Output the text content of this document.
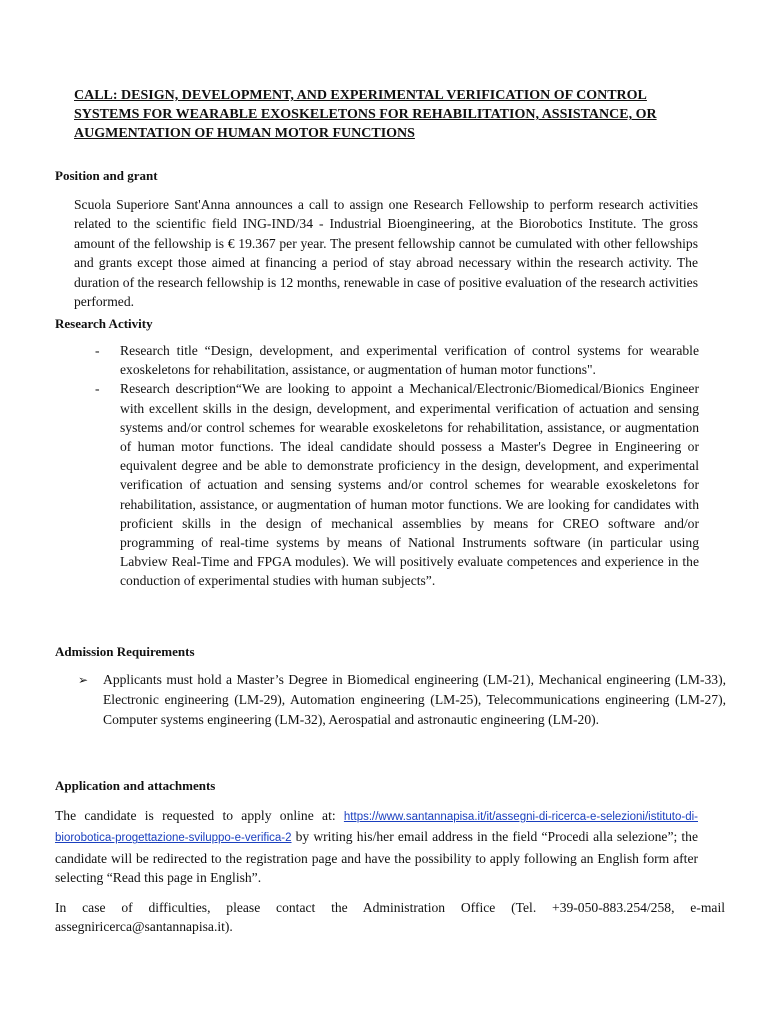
CALL: DESIGN, DEVELOPMENT, AND EXPERIMENTAL VERIFICATION OF CONTROL SYSTEMS FOR WEARABLE EXOSKELETONS FOR REHABILITATION, ASSISTANCE, OR AUGMENTATION OF HUMAN MOTOR FUNCTIONS
Position and grant
Scuola Superiore Sant'Anna announces a call to assign one Research Fellowship to perform research activities related to the scientific field ING-IND/34 - Industrial Bioengineering, at the Biorobotics Institute. The gross amount of the fellowship is € 19.367 per year. The present fellowship cannot be cumulated with other fellowships and grants except those aimed at financing a period of stay abroad necessary within the research activity. The duration of the research fellowship is 12 months, renewable in case of positive evaluation of the research activities performed.
Research Activity
- Research title “Design, development, and experimental verification of control systems for wearable exoskeletons for rehabilitation, assistance, or augmentation of human motor functions".
- Research description“We are looking to appoint a Mechanical/Electronic/Biomedical/Bionics Engineer with excellent skills in the design, development, and experimental verification of actuation and sensing systems and/or control schemes for wearable exoskeletons for rehabilitation, assistance, or augmentation of human motor functions. The ideal candidate should possess a Master's Degree in Engineering or equivalent degree and be able to demonstrate proficiency in the design, development, and experimental verification of actuation and sensing systems and/or control schemes for wearable exoskeletons for rehabilitation, assistance, or augmentation of human motor functions. We are looking for candidates with proficient skills in the design of mechanical assemblies by means for CREO software and/or programming of real-time systems by means of National Instruments software (in particular using Labview Real-Time and FPGA modules). We will positively evaluate competences and experience in the conduction of experimental studies with human subjects”.
Admission Requirements
➢ Applicants must hold a Master’s Degree in Biomedical engineering (LM-21), Mechanical engineering (LM-33), Electronic engineering (LM-29), Automation engineering (LM-25), Telecommunications engineering (LM-27), Computer systems engineering (LM-32), Aerospatial and astronautic engineering (LM-20).
Application and attachments
The candidate is requested to apply online at: https://www.santannapisa.it/it/assegni-di-ricerca-e-selezioni/istituto-di-biorobotica-progettazione-sviluppo-e-verifica-2 by writing his/her email address in the field “Procedi alla selezione”; the candidate will be redirected to the registration page and have the possibility to apply following an English form after selecting “Read this page in English”.
In case of difficulties, please contact the Administration Office (Tel. +39-050-883.254/258, e-mail assegniricerca@santannapisa.it).
